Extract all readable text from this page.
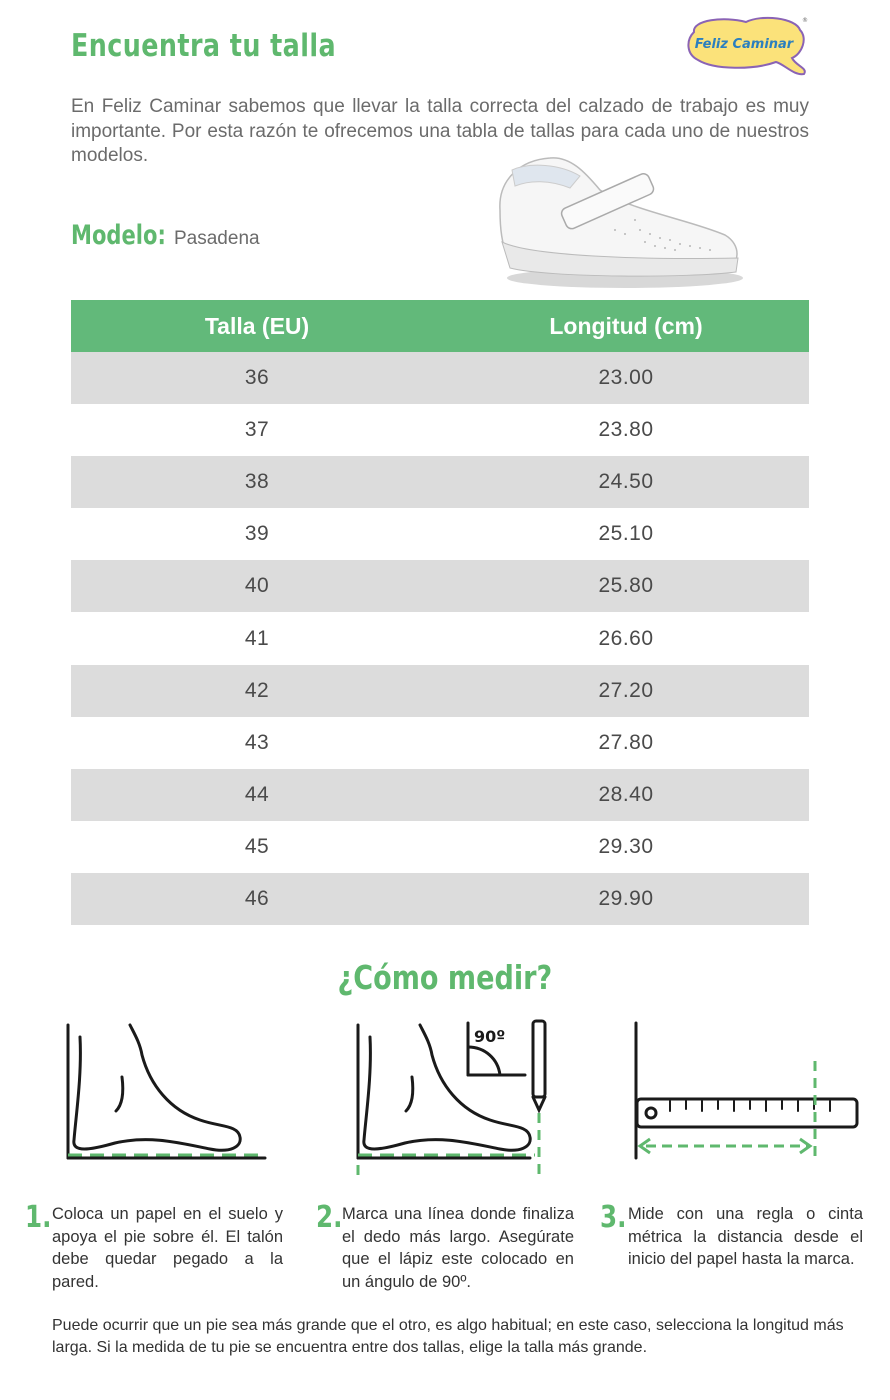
Encuentra tu talla	Feliz Caminar
®
En Feliz Caminar sabemos que llevar la talla correcta del calzado de trabajo es muy importante. Por esta razón te ofrecemos una tabla de tallas para cada uno de nuestros modelos.
Modelo: Pasadena
Talla (EU)	Longitud (cm)
36	23.00
37	23.80
38	24.50
39	25.10
40	25.80
41	26.60
42	27.20
43	27.80
44	28.40
45	29.30
46	29.90
¿Cómo medir?
90º
1. Coloca un papel en el suelo y apoya el pie sobre él. El talón debe quedar pegado a la pared.
2. Marca una línea donde finaliza el dedo más largo. Asegúrate que el lápiz este colocado en un ángulo de 90º.
3. Mide con una regla o cinta métrica la distancia desde el inicio del papel hasta la marca.
Puede ocurrir que un pie sea más grande que el otro, es algo habitual; en este caso, selecciona la longitud más larga. Si la medida de tu pie se encuentra entre dos tallas, elige la talla más grande.
